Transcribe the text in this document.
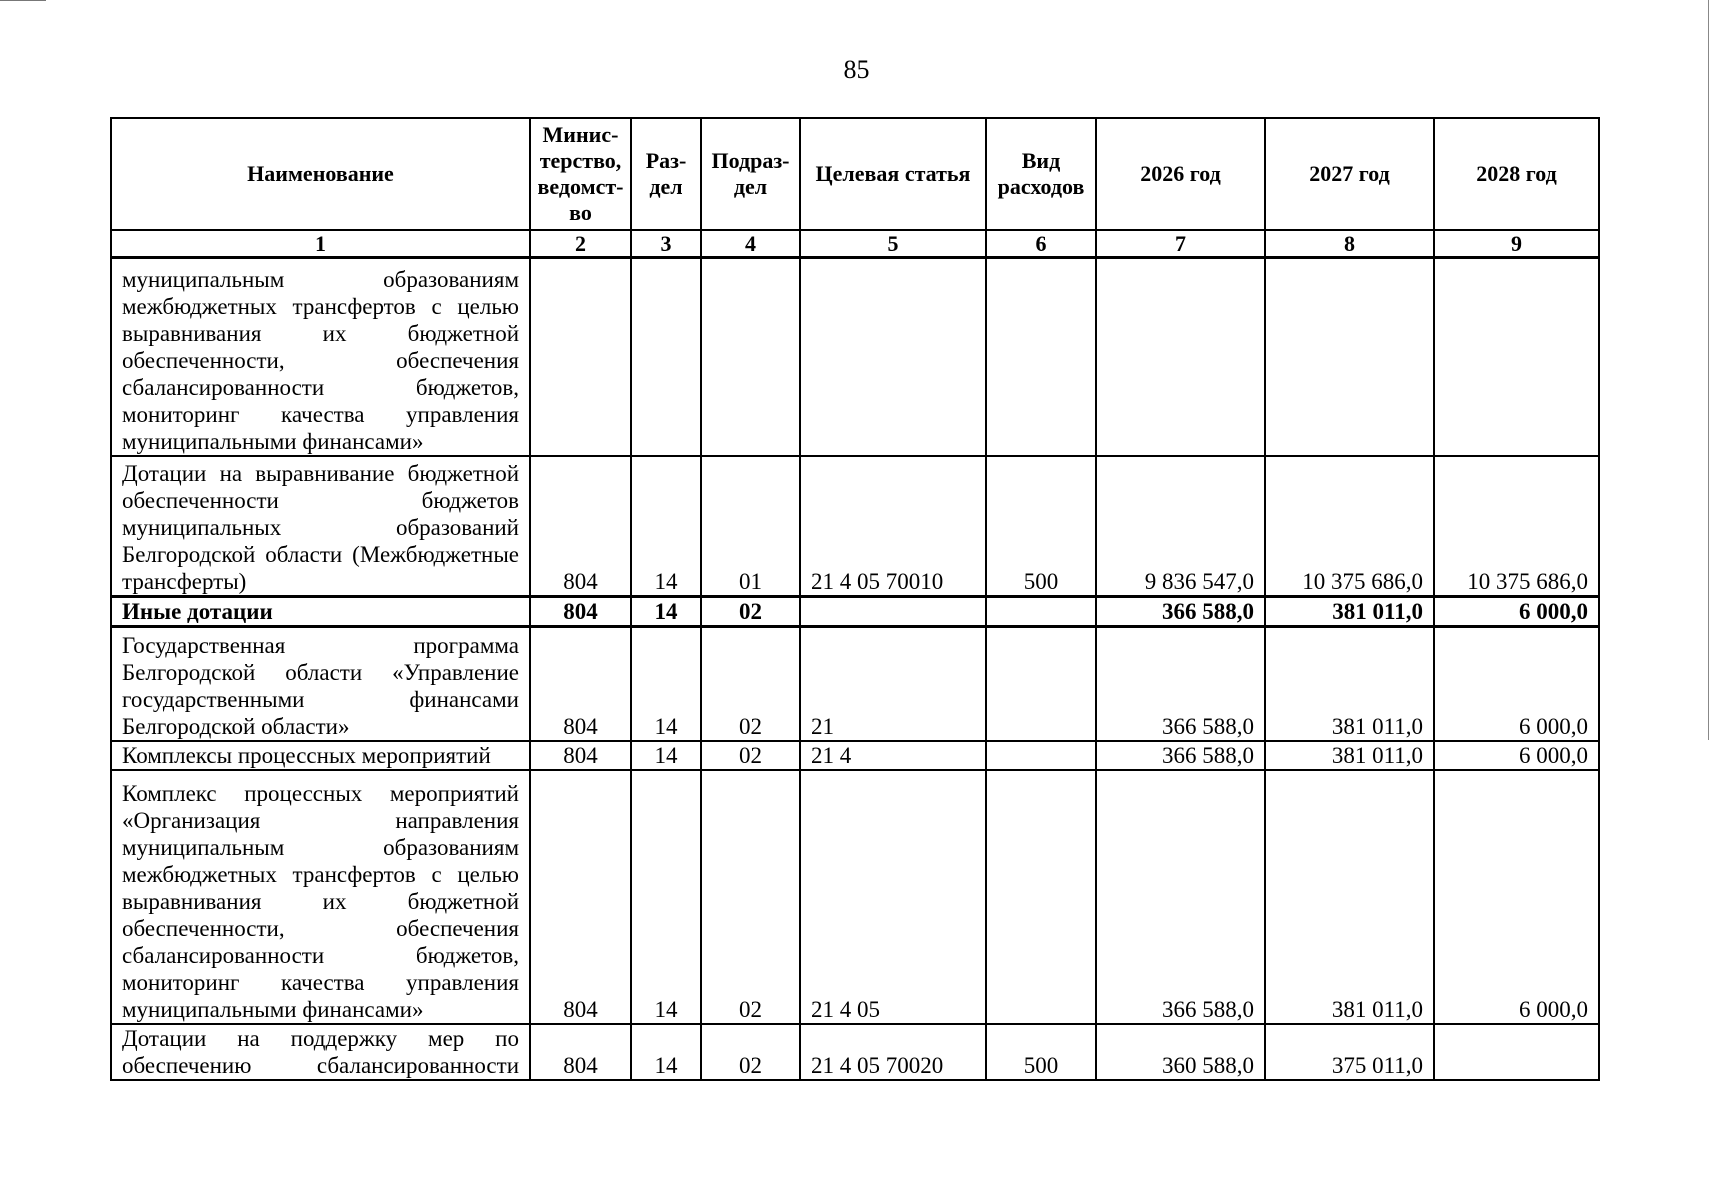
85
Наименование	Минис-терство, ведомст-во	Раз-дел	Подраз-дел	Целевая статья	Вид расходов	2026 год	2027 год	2028 год
1	2	3	4	5	6	7	8	9
муниципальным образованиям межбюджетных трансфертов с целью выравнивания их бюджетной обеспеченности, обеспечения сбалансированности бюджетов, мониторинг качества управления муниципальными финансами»								
Дотации на выравнивание бюджетной обеспеченности бюджетов муниципальных образований Белгородской области (Межбюджетные трансферты)	804	14	01	21 4 05 70010	500	9 836 547,0	10 375 686,0	10 375 686,0
Иные дотации	804	14	02			366 588,0	381 011,0	6 000,0
Государственная программа Белгородской области «Управление государственными финансами Белгородской области»	804	14	02	21		366 588,0	381 011,0	6 000,0
Комплексы процессных мероприятий	804	14	02	21 4		366 588,0	381 011,0	6 000,0
Комплекс процессных мероприятий «Организация направления муниципальным образованиям межбюджетных трансфертов с целью выравнивания их бюджетной обеспеченности, обеспечения сбалансированности бюджетов, мониторинг качества управления муниципальными финансами»	804	14	02	21 4 05		366 588,0	381 011,0	6 000,0
Дотации на поддержку мер по обеспечению сбалансированности	804	14	02	21 4 05 70020	500	360 588,0	375 011,0	
